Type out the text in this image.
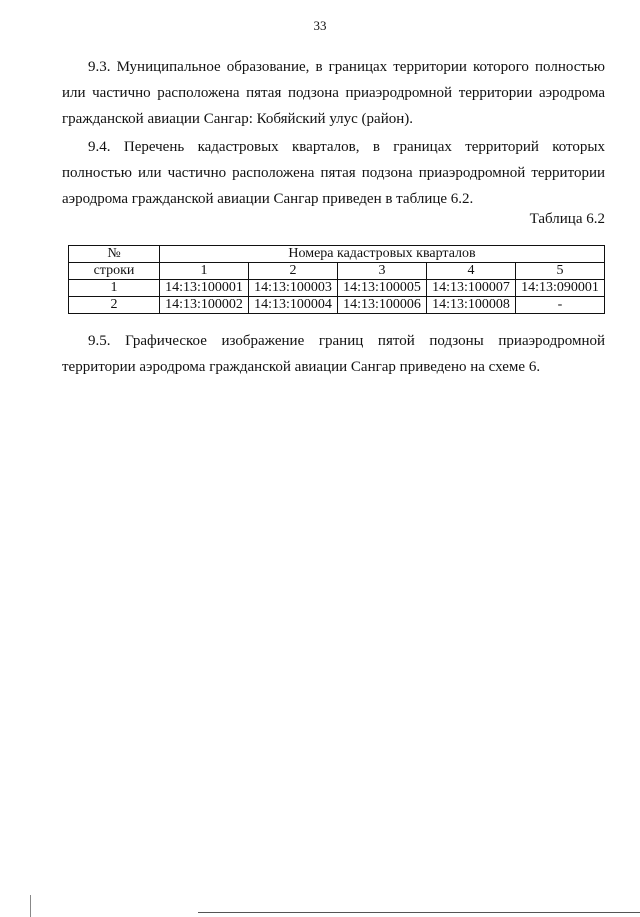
33

9.3. Муниципальное образование, в границах территории которого полностью
или частично расположена пятая подзона приаэродромной территории аэродрома
гражданской авиации Сангар: Кобяйский улус (район).

9.4. Перечень кадастровых кварталов, в границах территорий которых
полностью или частично расположена пятая подзона приаэродромной территории
аэродрома гражданской авиации Сангар приведен в таблице 6.2.

Таблица 6.2
№	Номера кадастровых кварталов				
строки	1	2	3	4	5
1	14:13:100001	14:13:100003	14:13:100005	14:13:100007	14:13:090001
2	14:13:100002	14:13:100004	14:13:100006	14:13:100008	-

9.5. Графическое изображение границ пятой подзоны приаэродромной
территории аэродрома гражданской авиации Сангар приведено на схеме 6.
